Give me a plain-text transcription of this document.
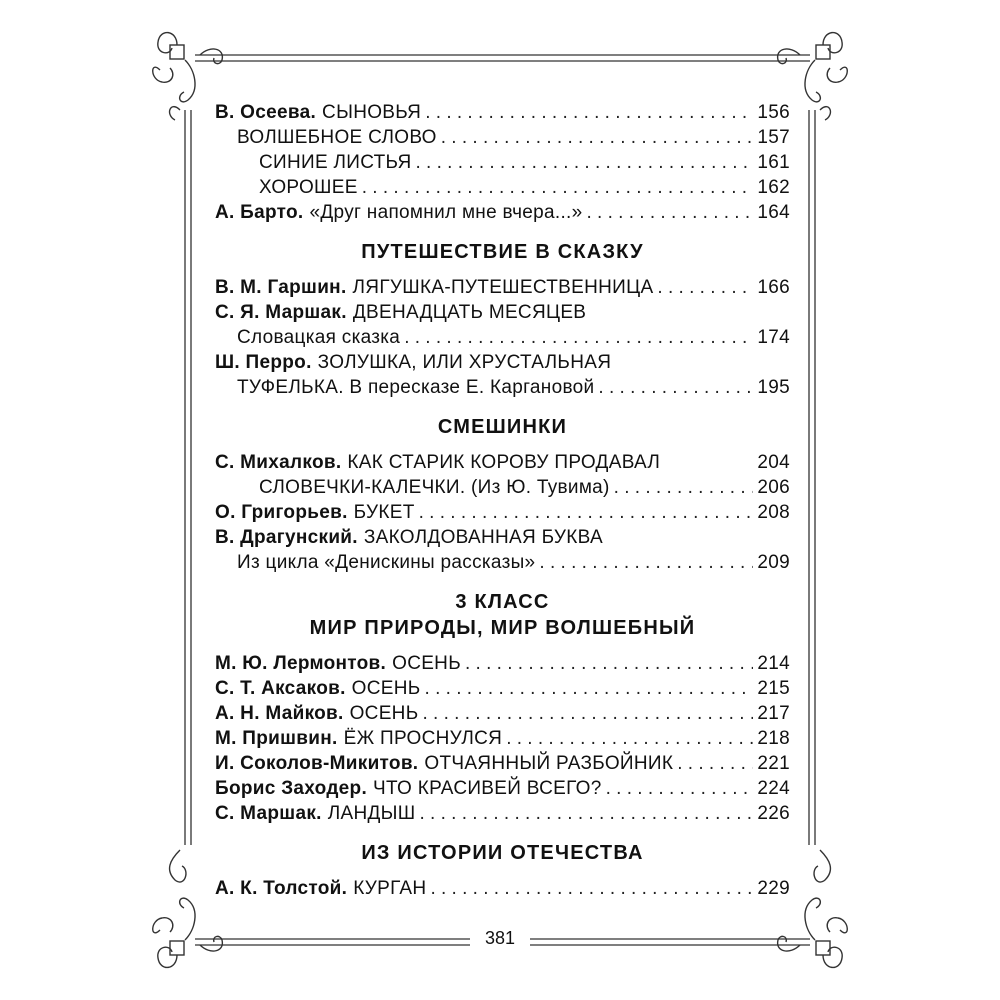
В. Осеева. СЫНОВЬЯ . . .	156
ВОЛШЕБНОЕ СЛОВО . . .	157
СИНИЕ ЛИСТЬЯ . . .	161
ХОРОШЕЕ . . .	162
А. Барто. «Друг напомнил мне вчера...» . . .	164
ПУТЕШЕСТВИЕ В СКАЗКУ
В. М. Гаршин. ЛЯГУШКА-ПУТЕШЕСТВЕННИЦА . . .	166
С. Я. Маршак. ДВЕНАДЦАТЬ МЕСЯЦЕВ
Словацкая сказка . . .	174
Ш. Перро. ЗОЛУШКА, ИЛИ ХРУСТАЛЬНАЯ
ТУФЕЛЬКА. В пересказе Е. Каргановой . . .	195
СМЕШИНКИ
С. Михалков. КАК СТАРИК КОРОВУ ПРОДАВАЛ	204
СЛОВЕЧКИ-КАЛЕЧКИ. (Из Ю. Тувима) . . .	206
О. Григорьев. БУКЕТ . . .	208
В. Драгунский. ЗАКОЛДОВАННАЯ БУКВА
Из цикла «Денискины рассказы» . . .	209
3 КЛАСС
МИР ПРИРОДЫ, МИР ВОЛШЕБНЫЙ
М. Ю. Лермонтов. ОСЕНЬ . . .	214
С. Т. Аксаков. ОСЕНЬ . . .	215
А. Н. Майков. ОСЕНЬ . . .	217
М. Пришвин. ЁЖ ПРОСНУЛСЯ . . .	218
И. Соколов-Микитов. ОТЧАЯННЫЙ РАЗБОЙНИК . . .	221
Борис Заходер. ЧТО КРАСИВЕЙ ВСЕГО? . . .	224
С. Маршак. ЛАНДЫШ . . .	226
ИЗ ИСТОРИИ ОТЕЧЕСТВА
А. К. Толстой. КУРГАН . . .	229
381
